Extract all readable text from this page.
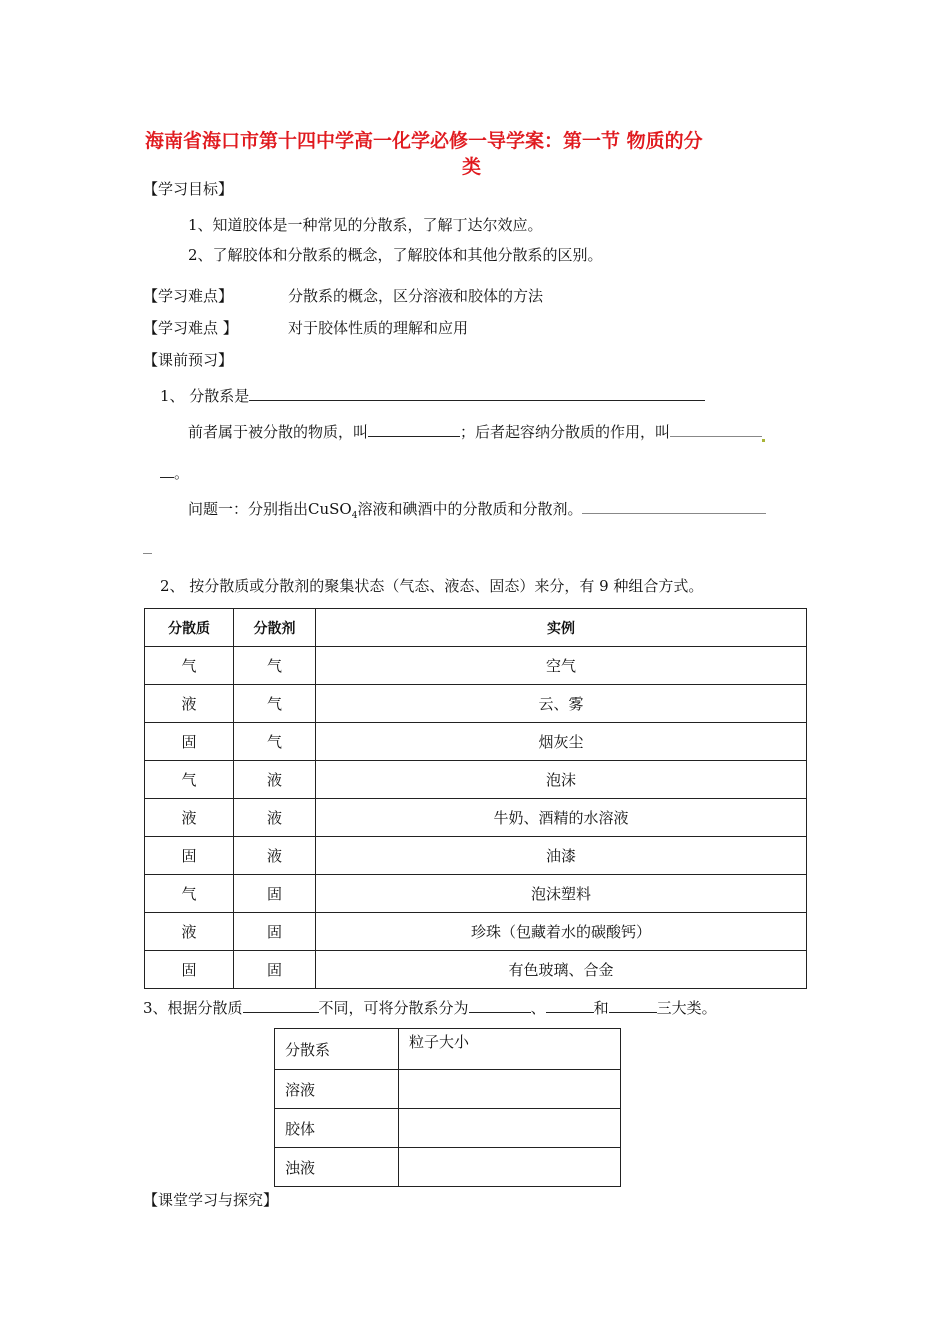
海南省海口市第十四中学高一化学必修一导学案：第一节 物质的分
类
【学习目标】
1、知道胶体是一种常见的分散系，了解丁达尔效应。
2、了解胶体和分散系的概念，了解胶体和其他分散系的区别。
【学习难点】	分散系的概念，区分溶液和胶体的方法
【学习难点 】	对于胶体性质的理解和应用
【课前预习】
1、 分散系是
前者属于被分散的物质，叫	；后者起容纳分散质的作用，叫
。
问题一：分别指出CuSO$_4$溶液和碘酒中的分散质和分散剂。
2、 按分散质或分散剂的聚集状态（气态、液态、固态）来分，有 9 种组合方式。
分散质	分散剂	实例
气	气	空气
液	气	云、雾
固	气	烟灰尘
气	液	泡沫
液	液	牛奶、酒精的水溶液
固	液	油漆
气	固	泡沫塑料
液	固	珍珠（包藏着水的碳酸钙）
固	固	有色玻璃、合金
3、根据分散质	不同，可将分散系分为	、	和	三大类。
分散系	粒子大小
溶液	
胶体	
浊液	
【课堂学习与探究】
